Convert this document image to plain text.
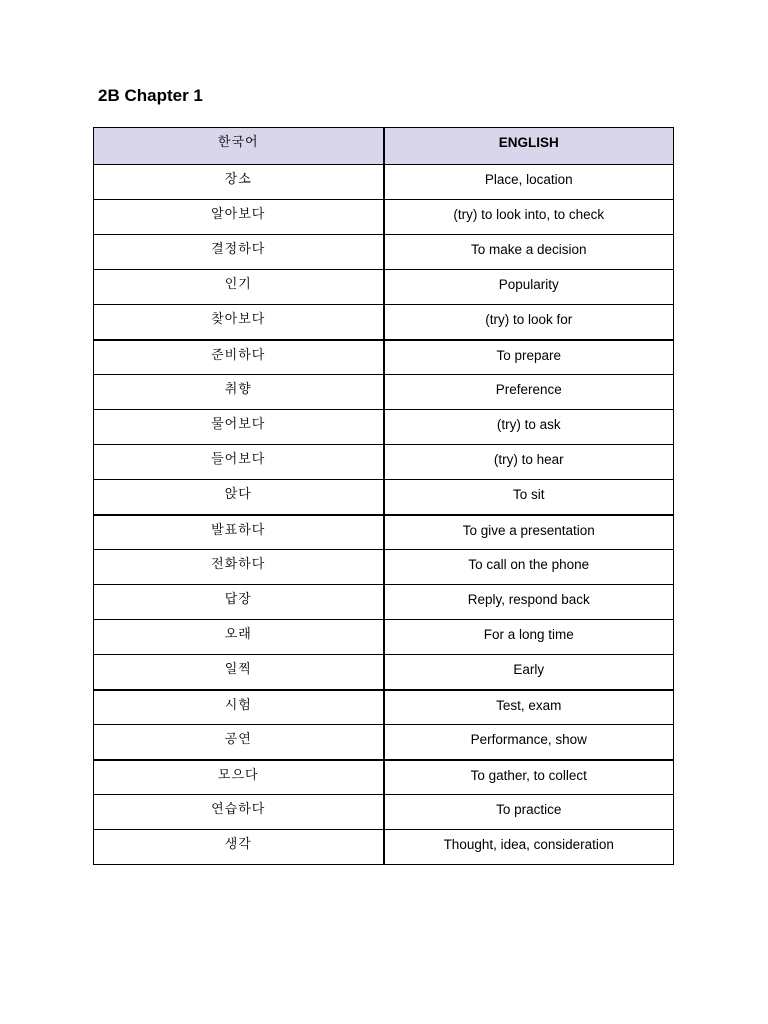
2B Chapter 1
한국어	ENGLISH
장소	Place, location
알아보다	(try) to look into, to check
결정하다	To make a decision
인기	Popularity
찾아보다	(try) to look for
준비하다	To prepare
취향	Preference
물어보다	(try) to ask
들어보다	(try) to hear
앉다	To sit
발표하다	To give a presentation
전화하다	To call on the phone
답장	Reply, respond back
오래	For a long time
일찍	Early
시험	Test, exam
공연	Performance, show
모으다	To gather, to collect
연습하다	To practice
생각	Thought, idea, consideration
